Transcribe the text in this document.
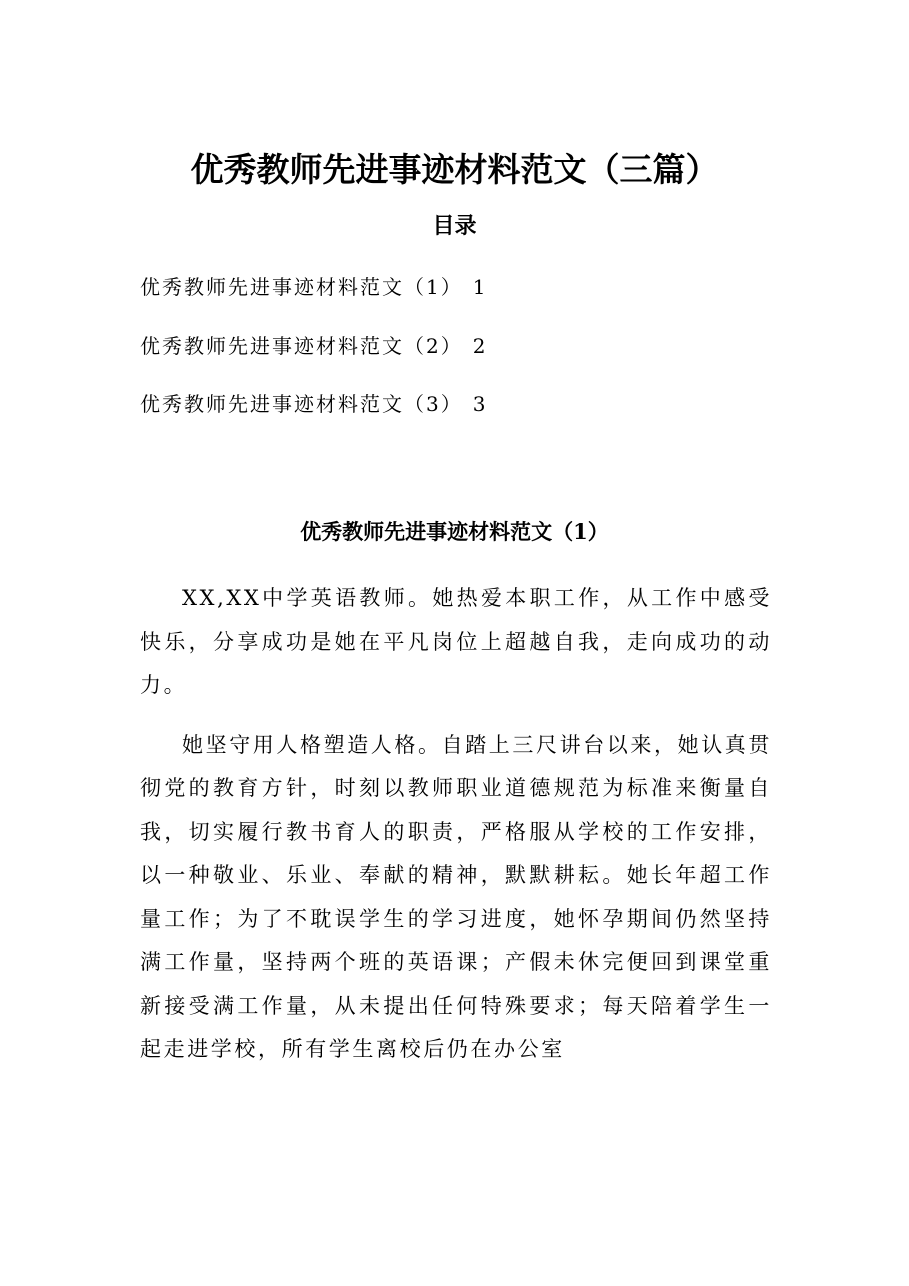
优秀教师先进事迹材料范文（三篇）
目录
优秀教师先进事迹材料范文（1） 1
优秀教师先进事迹材料范文（2） 2
优秀教师先进事迹材料范文（3） 3
优秀教师先进事迹材料范文（1）

XX,XX中学英语教师。她热爱本职工作，从工作中感受快乐，分享成功是她在平凡岗位上超越自我，走向成功的动力。

她坚守用人格塑造人格。自踏上三尺讲台以来，她认真贯彻党的教育方针，时刻以教师职业道德规范为标准来衡量自我，切实履行教书育人的职责，严格服从学校的工作安排，以一种敬业、乐业、奉献的精神，默默耕耘。她长年超工作量工作；为了不耽误学生的学习进度，她怀孕期间仍然坚持满工作量，坚持两个班的英语课；产假未休完便回到课堂重新接受满工作量，从未提出任何特殊要求；每天陪着学生一起走进学校，所有学生离校后仍在办公室
